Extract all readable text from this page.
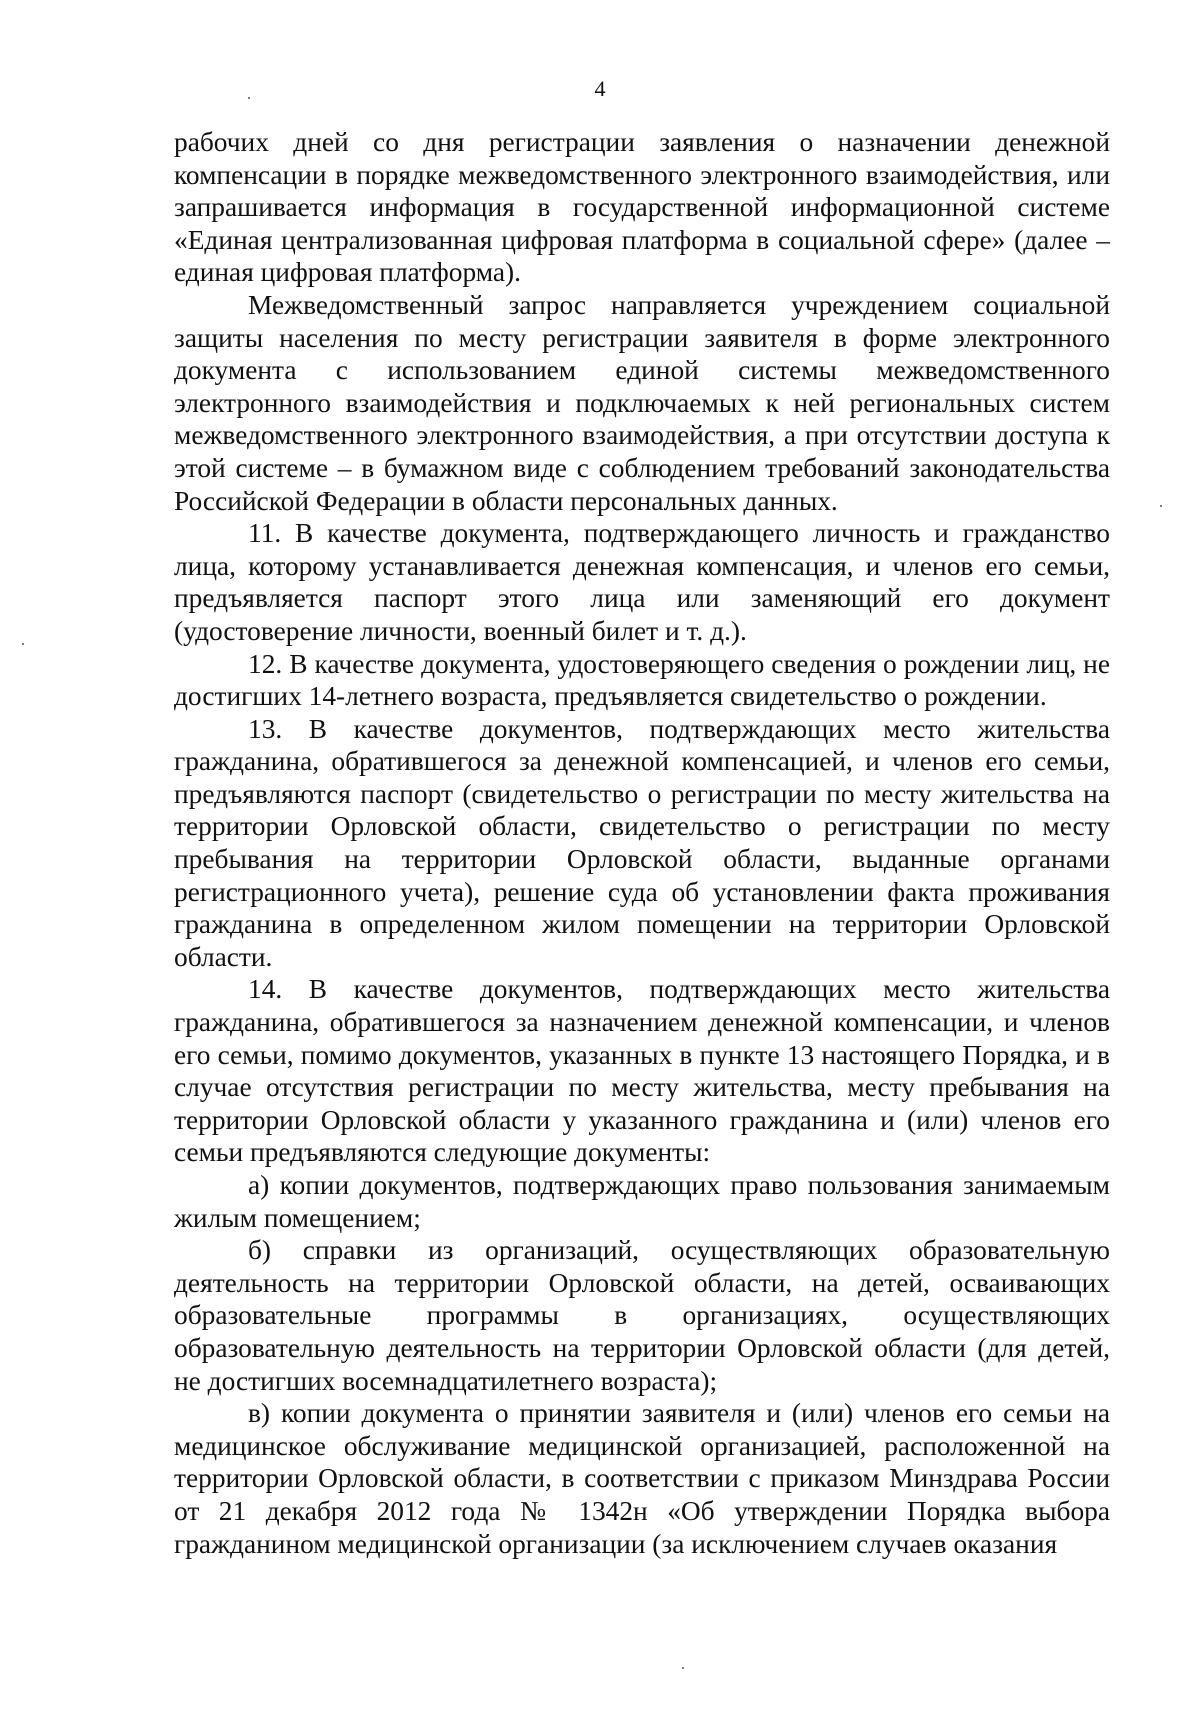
4

рабочих дней со дня регистрации заявления о назначении денежной компенсации в порядке межведомственного электронного взаимодействия, или запрашивается информация в государственной информационной системе «Единая централизованная цифровая платформа в социальной сфере» (далее – единая цифровая платформа).

Межведомственный запрос направляется учреждением социальной защиты населения по месту регистрации заявителя в форме электронного документа с использованием единой системы межведомственного электронного взаимодействия и подключаемых к ней региональных систем межведомственного электронного взаимодействия, а при отсутствии доступа к этой системе – в бумажном виде с соблюдением требований законодательства Российской Федерации в области персональных данных.

11. В качестве документа, подтверждающего личность и гражданство лица, которому устанавливается денежная компенсация, и членов его семьи, предъявляется паспорт этого лица или заменяющий его документ (удостоверение личности, военный билет и т. д.).

12. В качестве документа, удостоверяющего сведения о рождении лиц, не достигших 14-летнего возраста, предъявляется свидетельство о рождении.

13. В качестве документов, подтверждающих место жительства гражданина, обратившегося за денежной компенсацией, и членов его семьи, предъявляются паспорт (свидетельство о регистрации по месту жительства на территории Орловской области, свидетельство о регистрации по месту пребывания на территории Орловской области, выданные органами регистрационного учета), решение суда об установлении факта проживания гражданина в определенном жилом помещении на территории Орловской области.

14. В качестве документов, подтверждающих место жительства гражданина, обратившегося за назначением денежной компенсации, и членов его семьи, помимо документов, указанных в пункте 13 настоящего Порядка, и в случае отсутствия регистрации по месту жительства, месту пребывания на территории Орловской области у указанного гражданина и (или) членов его семьи предъявляются следующие документы:

а) копии документов, подтверждающих право пользования занимаемым жилым помещением;

б) справки из организаций, осуществляющих образовательную деятельность на территории Орловской области, на детей, осваивающих образовательные программы в организациях, осуществляющих образовательную деятельность на территории Орловской области (для детей, не достигших восемнадцатилетнего возраста);

в) копии документа о принятии заявителя и (или) членов его семьи на медицинское обслуживание медицинской организацией, расположенной на территории Орловской области, в соответствии с приказом Минздрава России от 21 декабря 2012 года № 1342н «Об утверждении Порядка выбора гражданином медицинской организации (за исключением случаев оказания
